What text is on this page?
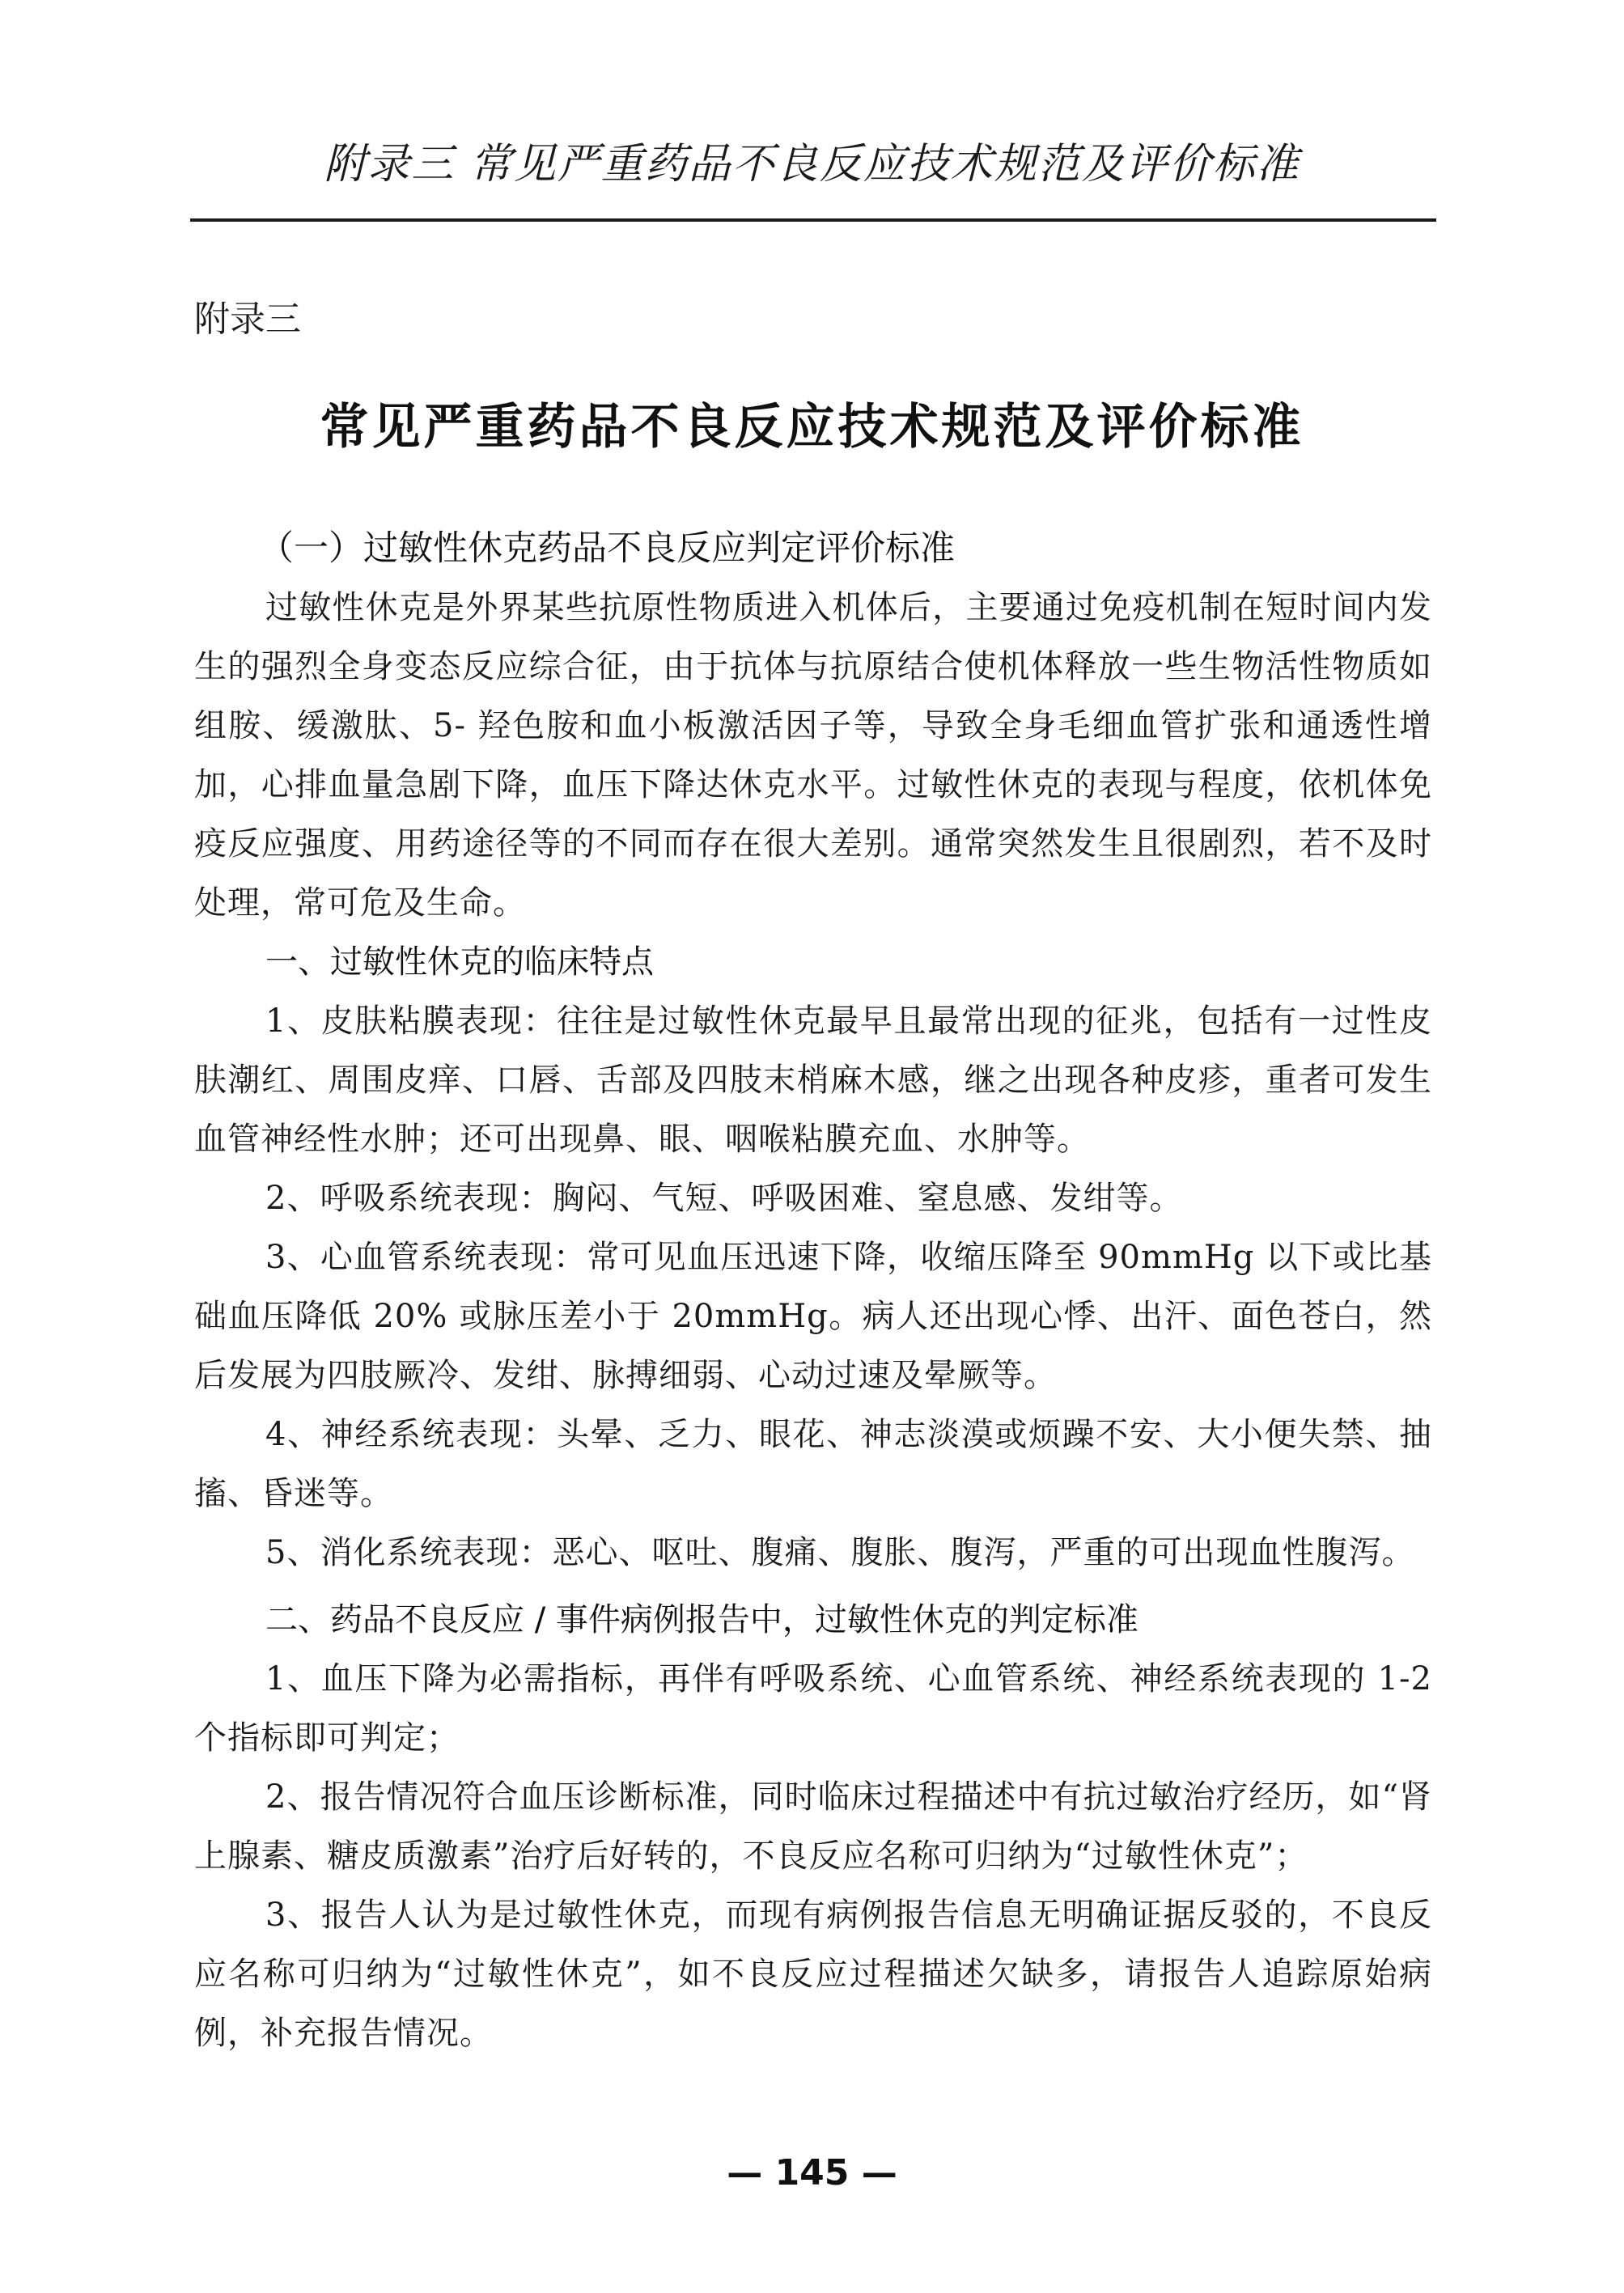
附录三 常见严重药品不良反应技术规范及评价标准
附录三
常见严重药品不良反应技术规范及评价标准
（一）过敏性休克药品不良反应判定评价标准

过敏性休克是外界某些抗原性物质进入机体后，主要通过免疫机制在短时间内发生的强烈全身变态反应综合征，由于抗体与抗原结合使机体释放一些生物活性物质如组胺、缓激肽、5- 羟色胺和血小板激活因子等，导致全身毛细血管扩张和通透性增加，心排血量急剧下降，血压下降达休克水平。过敏性休克的表现与程度，依机体免疫反应强度、用药途径等的不同而存在很大差别。通常突然发生且很剧烈，若不及时处理，常可危及生命。

一、过敏性休克的临床特点

1、皮肤粘膜表现：往往是过敏性休克最早且最常出现的征兆，包括有一过性皮肤潮红、周围皮痒、口唇、舌部及四肢末梢麻木感，继之出现各种皮疹，重者可发生血管神经性水肿；还可出现鼻、眼、咽喉粘膜充血、水肿等。

2、呼吸系统表现：胸闷、气短、呼吸困难、窒息感、发绀等。

3、心血管系统表现：常可见血压迅速下降，收缩压降至 90mmHg 以下或比基础血压降低 20% 或脉压差小于 20mmHg。病人还出现心悸、出汗、面色苍白，然后发展为四肢厥冷、发绀、脉搏细弱、心动过速及晕厥等。

4、神经系统表现：头晕、乏力、眼花、神志淡漠或烦躁不安、大小便失禁、抽搐、昏迷等。

5、消化系统表现：恶心、呕吐、腹痛、腹胀、腹泻，严重的可出现血性腹泻。

二、药品不良反应 / 事件病例报告中，过敏性休克的判定标准

1、血压下降为必需指标，再伴有呼吸系统、心血管系统、神经系统表现的 1-2 个指标即可判定；

2、报告情况符合血压诊断标准，同时临床过程描述中有抗过敏治疗经历，如“肾上腺素、糖皮质激素”治疗后好转的，不良反应名称可归纳为“过敏性休克”；

3、报告人认为是过敏性休克，而现有病例报告信息无明确证据反驳的，不良反应名称可归纳为“过敏性休克”，如不良反应过程描述欠缺多，请报告人追踪原始病例，补充报告情况。

— 145 —
